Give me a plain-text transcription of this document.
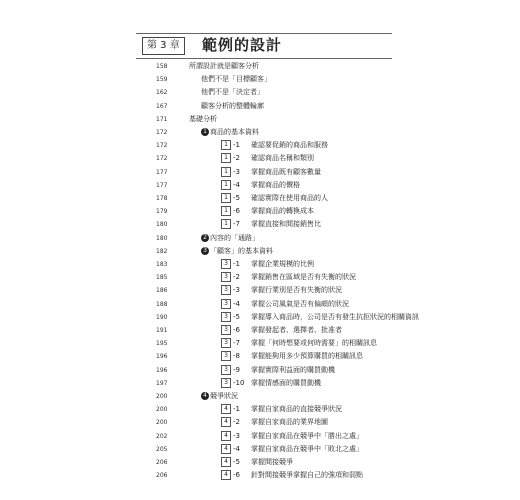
第 3 章	範例的設計
158	所謂設計就是顧客分析
159	他們不是「目標顧客」
162	他們不是「決定者」
167	顧客分析的整體輪廓
171	基礎分析
172	1 商品的基本資料
172	1 -1 確認要促銷的商品和服務
172	1 -2 確認商品名稱和類別
177	1 -3 掌握商品既有顧客數量
177	1 -4 掌握商品的價格
178	1 -5 確認實際在使用商品的人
179	1 -6 掌握商品的轉換成本
180	1 -7 掌握直接和間接銷售比
180	2 內容的「通路」
182	3 「顧客」的基本資料
183	3 -1 掌握企業規模的比例
185	3 -2 掌握銷售在區域是否有失衡的狀況
186	3 -3 掌握行業別是否有失衡的狀況
188	3 -4 掌握公司風氣是否有偏頗的狀況
190	3 -5 掌握導入商品時，公司是否有發生抗拒狀況的相關資訊
191	3 -6 掌握發起者、選擇者、批准者
195	3 -7 掌握「何時想要或何時需要」的相關訊息
196	3 -8 掌握能夠用多少預算購買的相關訊息
196	3 -9 掌握實際利益面的購買動機
197	3 -10 掌握情感面的購買動機
200	4 競爭狀況
200	4 -1 掌握自家商品的直接競爭狀況
200	4 -2 掌握自家商品的業界地圖
202	4 -3 掌握自家商品在競爭中「勝出之處」
205	4 -4 掌握自家商品在競爭中「敗北之處」
206	4 -5 掌握間接競爭
206	4 -6 針對間接競爭掌握自己的強項和弱點
